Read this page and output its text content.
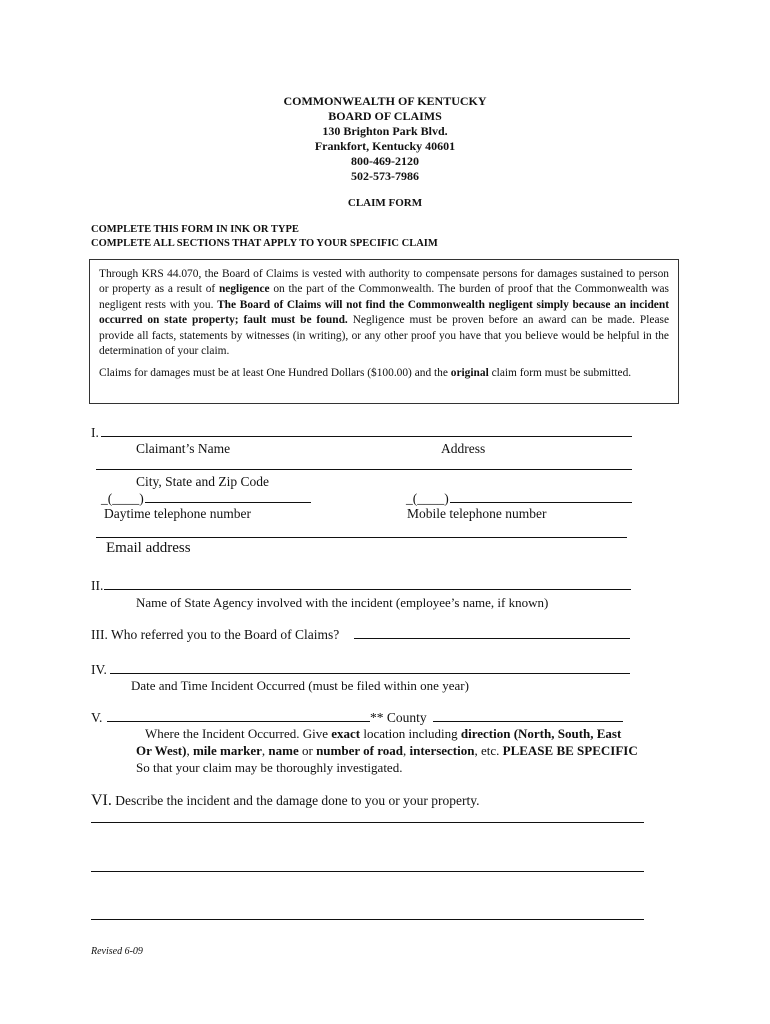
COMMONWEALTH OF KENTUCKY
BOARD OF CLAIMS
130 Brighton Park Blvd.
Frankfort, Kentucky 40601
800-469-2120
502-573-7986
CLAIM FORM
COMPLETE THIS FORM IN INK OR TYPE
COMPLETE ALL SECTIONS THAT APPLY TO YOUR SPECIFIC CLAIM

Through KRS 44.070, the Board of Claims is vested with authority to compensate persons for damages sustained to person or property as a result of negligence on the part of the Commonwealth. The burden of proof that the Commonwealth was negligent rests with you. The Board of Claims will not find the Commonwealth negligent simply because an incident occurred on state property; fault must be found. Negligence must be proven before an award can be made. Please provide all facts, statements by witnesses (in writing), or any other proof you have that you believe would be helpful in the determination of your claim.

Claims for damages must be at least One Hundred Dollars ($100.00) and the original claim form must be submitted.

I.
Claimant’s Name	Address
City, State and Zip Code
_(____)	_(____)
Daytime telephone number	Mobile telephone number
Email address
II.
Name of State Agency involved with the incident (employee’s name, if known)
III. Who referred you to the Board of Claims?
IV.
Date and Time Incident Occurred (must be filed within one year)
V.	** County
Where the Incident Occurred. Give exact location including direction (North, South, East
Or West), mile marker, name or number of road, intersection, etc. PLEASE BE SPECIFIC
So that your claim may be thoroughly investigated.
VI. Describe the incident and the damage done to you or your property.
Revised 6-09
